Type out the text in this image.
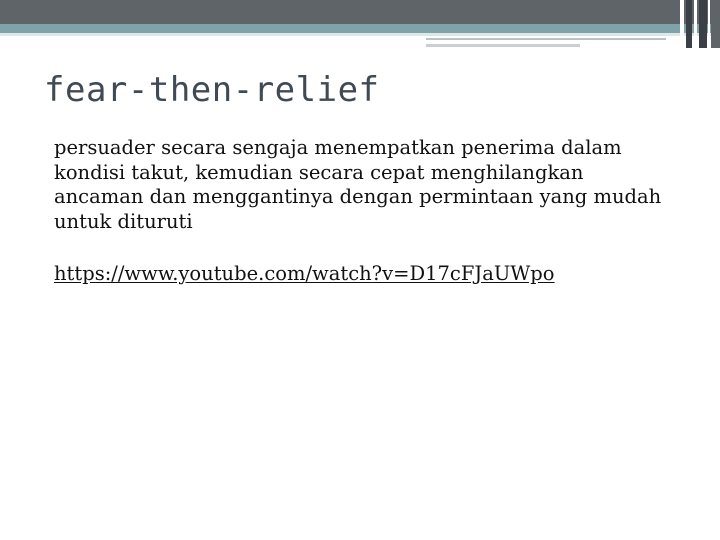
fear-then-relief

persuader secara sengaja menempatkan penerima dalam kondisi takut, kemudian secara cepat menghilangkan ancaman dan menggantinya dengan permintaan yang mudah untuk dituruti

https://www.youtube.com/watch?v=D17cFJaUWpo
